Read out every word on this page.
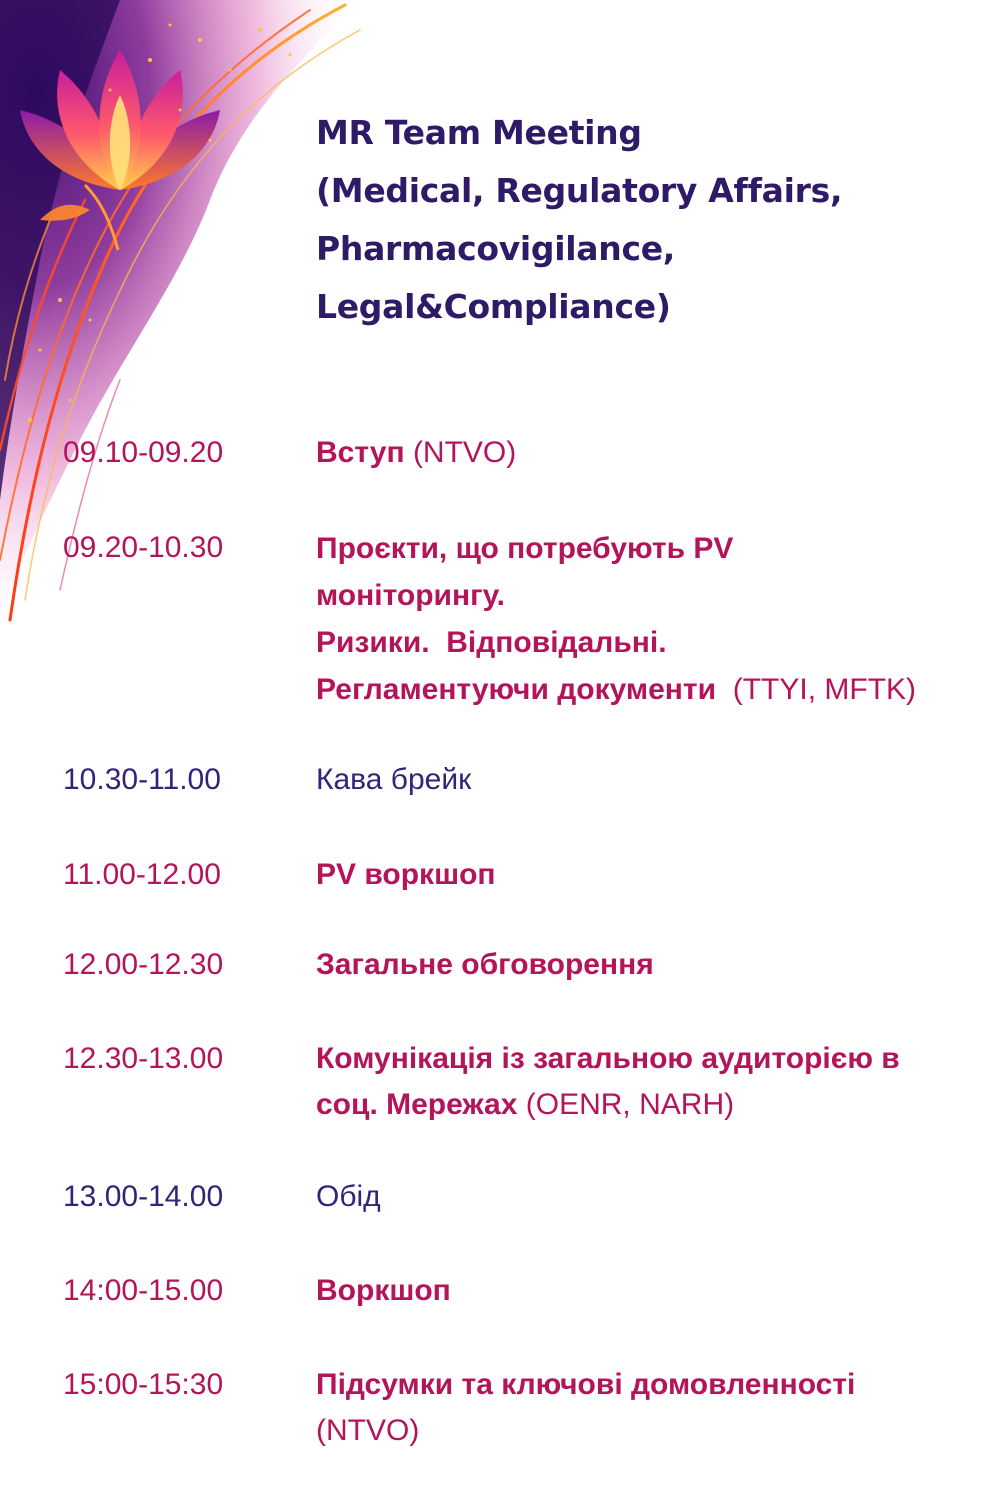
MR Team Meeting
(Medical, Regulatory Affairs,
Pharmacovigilance,
Legal&Compliance)
09.10-09.20	Вступ (NTVO)
09.20-10.30	Проєкти, що потребують PV
моніторингу.
Ризики.  Відповідальні.
Регламентуючи документи (TTYI, MFTK)
10.30-11.00	Кава брейк
11.00-12.00	PV воркшоп
12.00-12.30	Загальне обговорення
12.30-13.00	Комунікація із загальною аудиторією в
соц. Мережах (OENR, NARH)
13.00-14.00	Обід
14:00-15.00	Воркшоп
15:00-15:30	Підсумки та ключові домовленності
(NTVO)
